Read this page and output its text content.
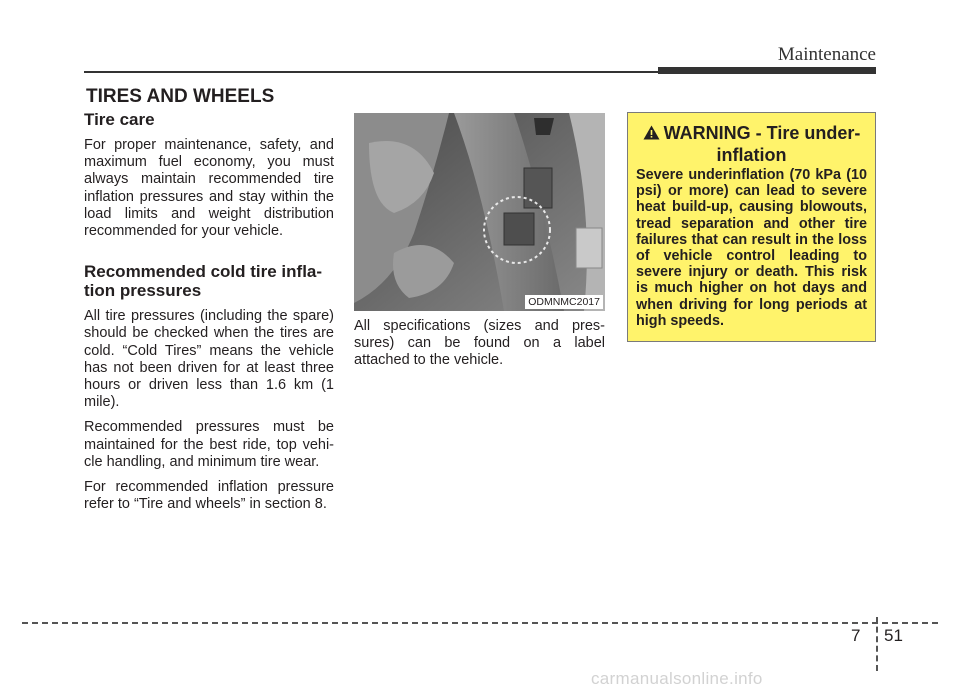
Maintenance
TIRES AND WHEELS
Tire care

For proper maintenance, safety, and maximum fuel economy, you must always maintain recommended tire inflation pressures and stay within the load limits and weight distribution recommended for your vehicle.

Recommended cold tire infla-tion pressures

All tire pressures (including the spare) should be checked when the tires are cold. “Cold Tires” means the vehicle has not been driven for at least three hours or driven less than 1.6 km (1 mile).

Recommended pressures must be maintained for the best ride, top vehi-cle handling, and minimum tire wear.

For recommended inflation pressure refer to “Tire and wheels” in section 8.

ODMNMC2017

All specifications (sizes and pres-sures) can be found on a label attached to the vehicle.

WARNING - Tire under-inflation

Severe underinflation (70 kPa (10 psi) or more) can lead to severe heat build-up, causing blowouts, tread separation and other tire failures that can result in the loss of vehicle control leading to severe injury or death. This risk is much higher on hot days and when driving for long periods at high speeds.

7 51
carmanualsonline.info
